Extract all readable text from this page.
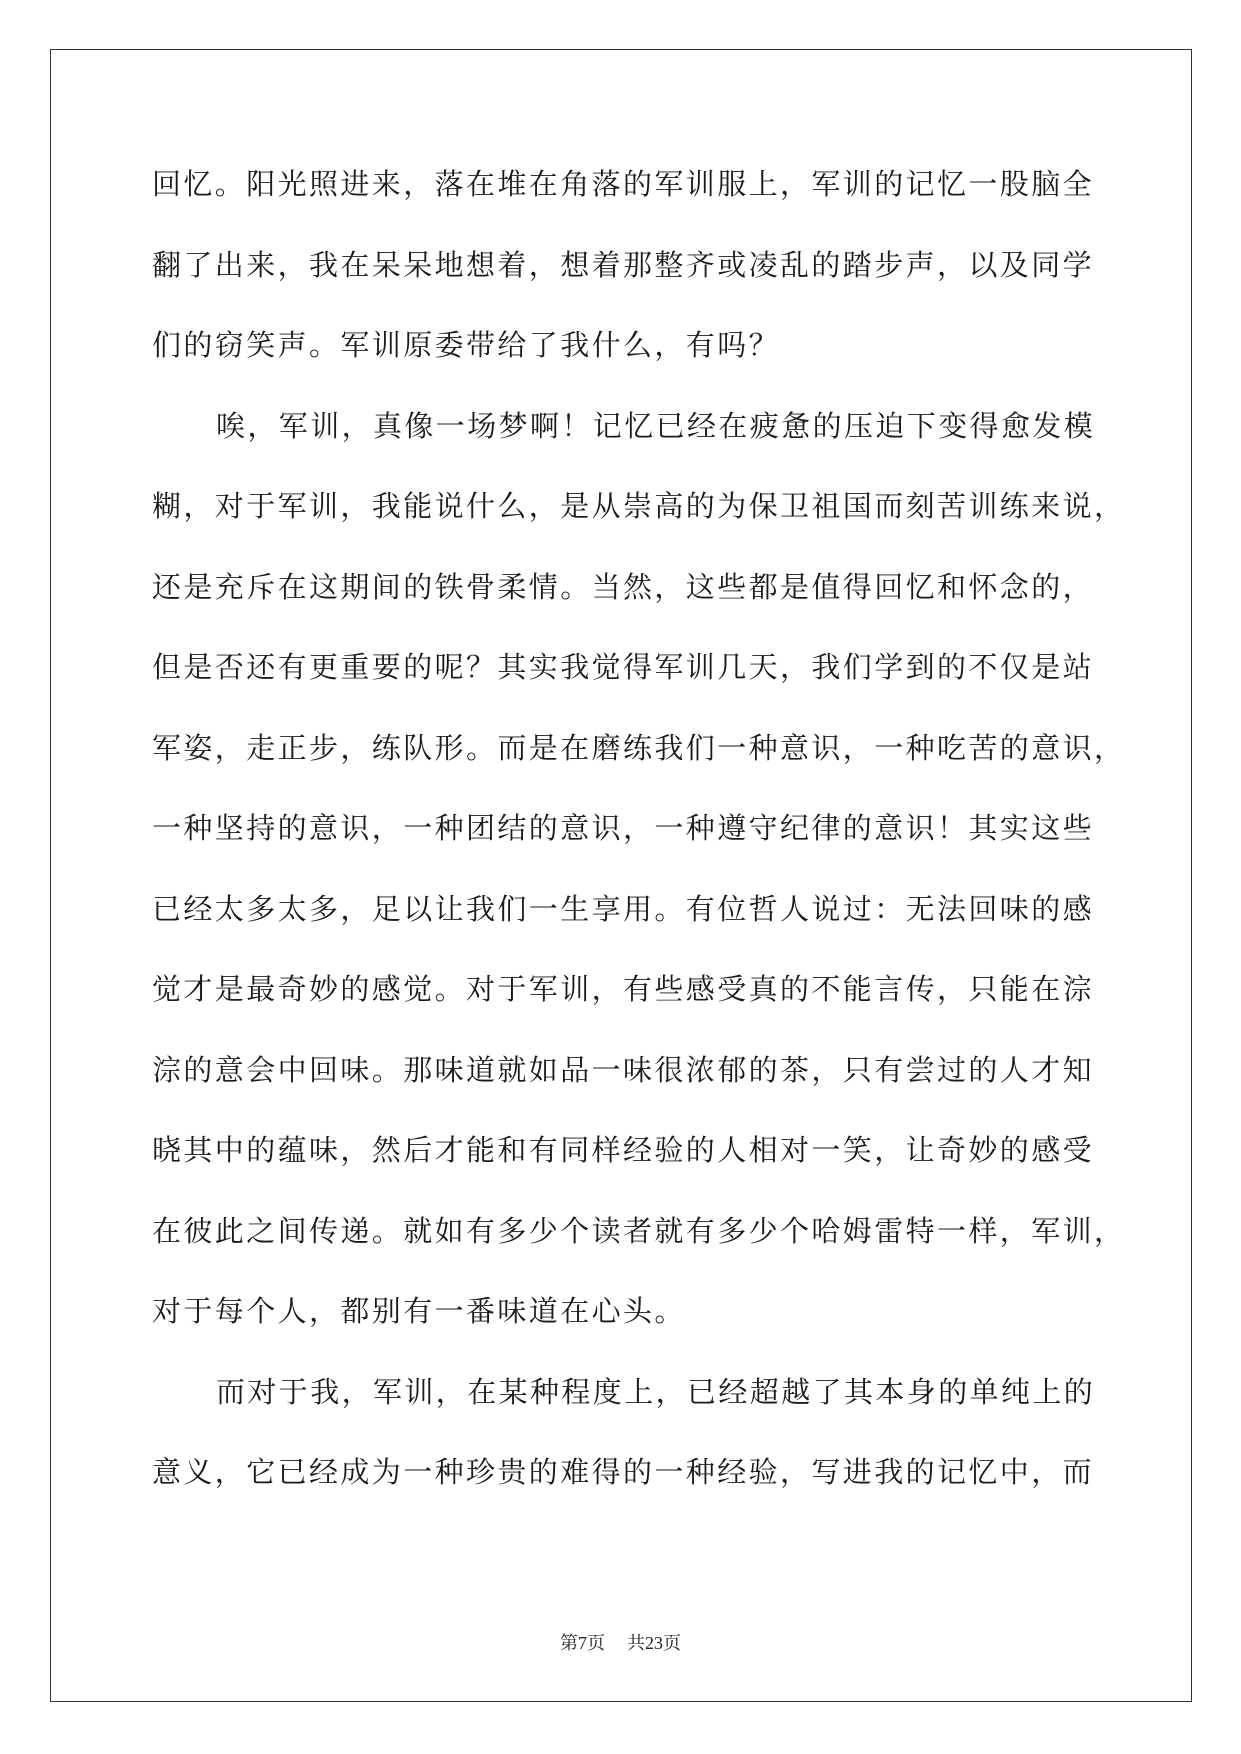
回忆。阳光照进来，落在堆在角落的军训服上，军训的记忆一股脑全
翻了出来，我在呆呆地想着，想着那整齐或凌乱的踏步声，以及同学
们的窃笑声。军训原委带给了我什么，有吗？
唉，军训，真像一场梦啊！记忆已经在疲惫的压迫下变得愈发模
糊，对于军训，我能说什么，是从崇高的为保卫祖国而刻苦训练来说，
还是充斥在这期间的铁骨柔情。当然，这些都是值得回忆和怀念的，
但是否还有更重要的呢？其实我觉得军训几天，我们学到的不仅是站
军姿，走正步，练队形。而是在磨练我们一种意识，一种吃苦的意识，
一种坚持的意识，一种团结的意识，一种遵守纪律的意识！其实这些
已经太多太多，足以让我们一生享用。有位哲人说过：无法回味的感
觉才是最奇妙的感觉。对于军训，有些感受真的不能言传，只能在淙
淙的意会中回味。那味道就如品一味很浓郁的茶，只有尝过的人才知
晓其中的蕴味，然后才能和有同样经验的人相对一笑，让奇妙的感受
在彼此之间传递。就如有多少个读者就有多少个哈姆雷特一样，军训，
对于每个人，都别有一番味道在心头。
而对于我，军训，在某种程度上，已经超越了其本身的单纯上的
意义，它已经成为一种珍贵的难得的一种经验，写进我的记忆中，而
第7页 共23页
